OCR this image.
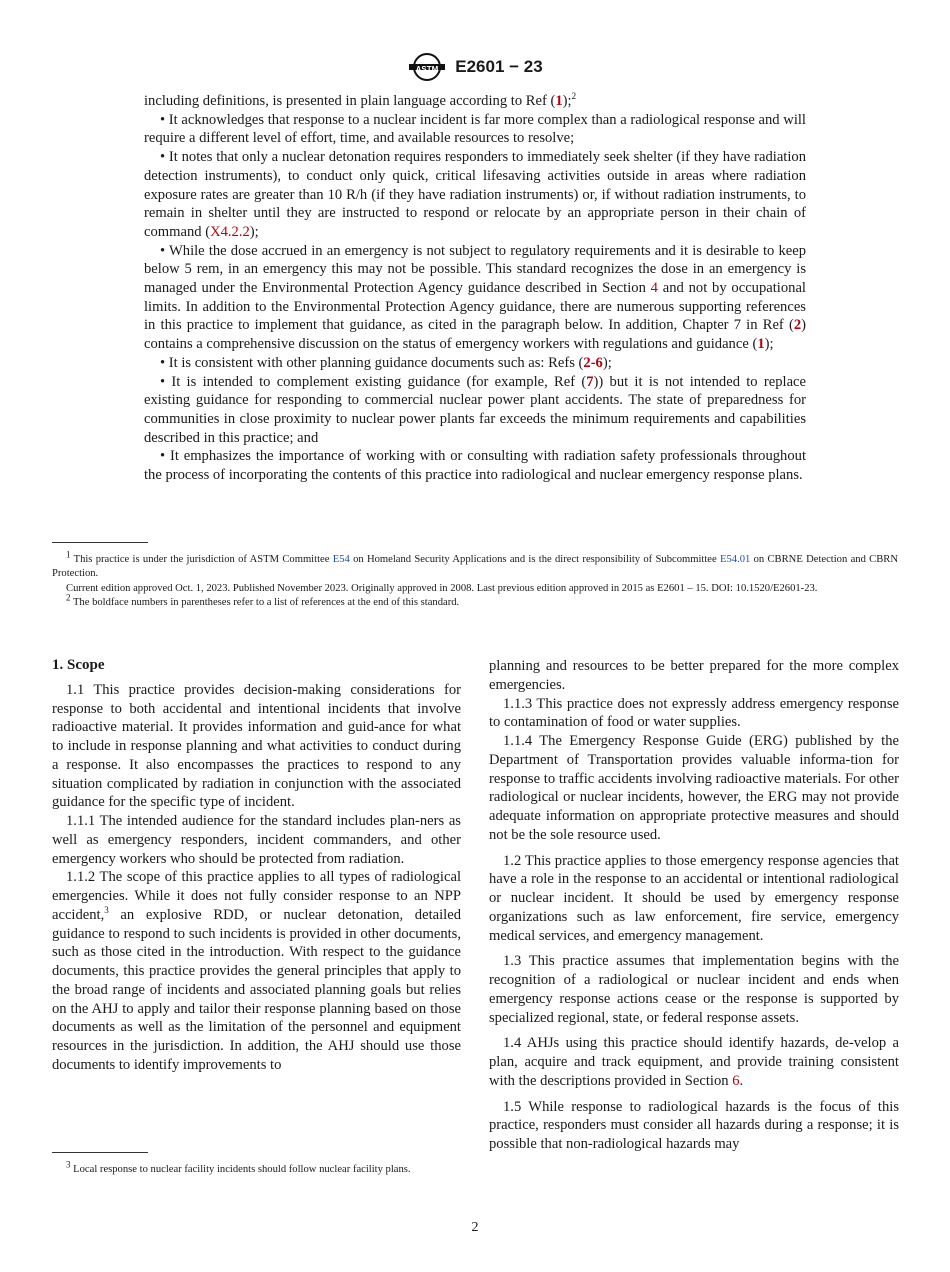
ASTM E2601 − 23

including definitions, is presented in plain language according to Ref (1);$^2$

• It acknowledges that response to a nuclear incident is far more complex than a radiological response and will require a different level of effort, time, and available resources to resolve;

• It notes that only a nuclear detonation requires responders to immediately seek shelter (if they have radiation detection instruments), to conduct only quick, critical lifesaving activities outside in areas where radiation exposure rates are greater than 10 R/h (if they have radiation instruments) or, if without radiation instruments, to remain in shelter until they are instructed to respond or relocate by an appropriate person in their chain of command (X4.2.2);

• While the dose accrued in an emergency is not subject to regulatory requirements and it is desirable to keep below 5 rem, in an emergency this may not be possible. This standard recognizes the dose in an emergency is managed under the Environmental Protection Agency guidance described in Section 4 and not by occupational limits. In addition to the Environmental Protection Agency guidance, there are numerous supporting references in this practice to implement that guidance, as cited in the paragraph below. In addition, Chapter 7 in Ref (2) contains a comprehensive discussion on the status of emergency workers with regulations and guidance (1);

• It is consistent with other planning guidance documents such as: Refs (2-6);

• It is intended to complement existing guidance (for example, Ref (7)) but it is not intended to replace existing guidance for responding to commercial nuclear power plant accidents. The state of preparedness for communities in close proximity to nuclear power plants far exceeds the minimum requirements and capabilities described in this practice; and

• It emphasizes the importance of working with or consulting with radiation safety professionals throughout the process of incorporating the contents of this practice into radiological and nuclear emergency response plans.

$^1$ This practice is under the jurisdiction of ASTM Committee E54 on Homeland Security Applications and is the direct responsibility of Subcommittee E54.01 on CBRNE Detection and CBRN Protection.

Current edition approved Oct. 1, 2023. Published November 2023. Originally approved in 2008. Last previous edition approved in 2015 as E2601 – 15. DOI: 10.1520/E2601-23.

$^2$ The boldface numbers in parentheses refer to a list of references at the end of this standard.

1. Scope

1.1 This practice provides decision-making considerations for response to both accidental and intentional incidents that involve radioactive material. It provides information and guid-ance for what to include in response planning and what activities to conduct during a response. It also encompasses the practices to respond to any situation complicated by radiation in conjunction with the associated guidance for the specific type of incident.

1.1.1 The intended audience for the standard includes plan-ners as well as emergency responders, incident commanders, and other emergency workers who should be protected from radiation.

1.1.2 The scope of this practice applies to all types of radiological emergencies. While it does not fully consider response to an NPP accident,$^3$ an explosive RDD, or nuclear detonation, detailed guidance to respond to such incidents is provided in other documents, such as those cited in the introduction. With respect to the guidance documents, this practice provides the general principles that apply to the broad range of incidents and associated planning goals but relies on the AHJ to apply and tailor their response planning based on those documents as well as the limitation of the personnel and equipment resources in the jurisdiction. In addition, the AHJ should use those documents to identify improvements to

$^3$ Local response to nuclear facility incidents should follow nuclear facility plans.

planning and resources to be better prepared for the more complex emergencies.

1.1.3 This practice does not expressly address emergency response to contamination of food or water supplies.

1.1.4 The Emergency Response Guide (ERG) published by the Department of Transportation provides valuable informa-tion for response to traffic accidents involving radioactive materials. For other radiological or nuclear incidents, however, the ERG may not provide adequate information on appropriate protective measures and should not be the sole resource used.

1.2 This practice applies to those emergency response agencies that have a role in the response to an accidental or intentional radiological or nuclear incident. It should be used by emergency response organizations such as law enforcement, fire service, emergency medical services, and emergency management.

1.3 This practice assumes that implementation begins with the recognition of a radiological or nuclear incident and ends when emergency response actions cease or the response is supported by specialized regional, state, or federal response assets.

1.4 AHJs using this practice should identify hazards, de-velop a plan, acquire and track equipment, and provide training consistent with the descriptions provided in Section 6.

1.5 While response to radiological hazards is the focus of this practice, responders must consider all hazards during a response; it is possible that non-radiological hazards may

2
